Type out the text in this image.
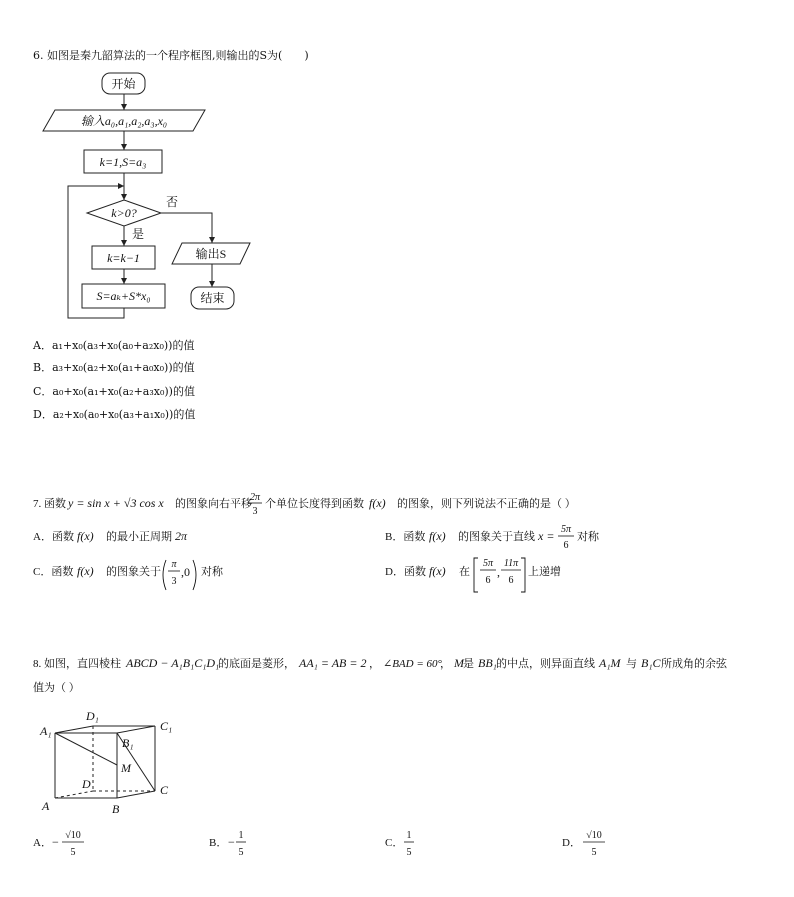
6. 如图是秦九韶算法的一个程序框图,则输出的S为(　　)
开始
输入a₀,a₁,a₂,a₃,x₀
k=1,S=a₃
k>0?
否
是
k=k−1
S=aₖ+S*x₀
输出S
结束
A．a₁+x₀(a₃+x₀(a₀+a₂x₀))的值
B．a₃+x₀(a₂+x₀(a₁+a₀x₀))的值
C．a₀+x₀(a₁+x₀(a₂+a₃x₀))的值
D．a₂+x₀(a₀+x₀(a₃+a₁x₀))的值
7. 函数 y = sin x + √3 cos x 的图象向右平移
2π
3
个单位长度得到函数 f(x) 的图象，则下列说法不正确的是（ ）
A．函数 f(x) 的最小正周期 2π	B．函数 f(x) 的图象关于直线 x = 5π
6
对称
C．函数 f(x) 的图象关于
π
3
,0 对称	D．函数 f(x) 在
5π
6
,
11π
6
上递增
8. 如图，直四棱柱 ABCD − A₁B₁C₁D₁
的底面是菱形， AA₁ = AB = 2 ， ∠BAD = 60°
， M 是 BB₁ 的中点，则异面直线 A₁M 与 B₁C 所成角的余弦
值为（ ）
A₁
D₁
C₁
B₁
M
D
A	B
C
A． − √10
5
B． − 1
5
C．
1
5
D．
√10
5
